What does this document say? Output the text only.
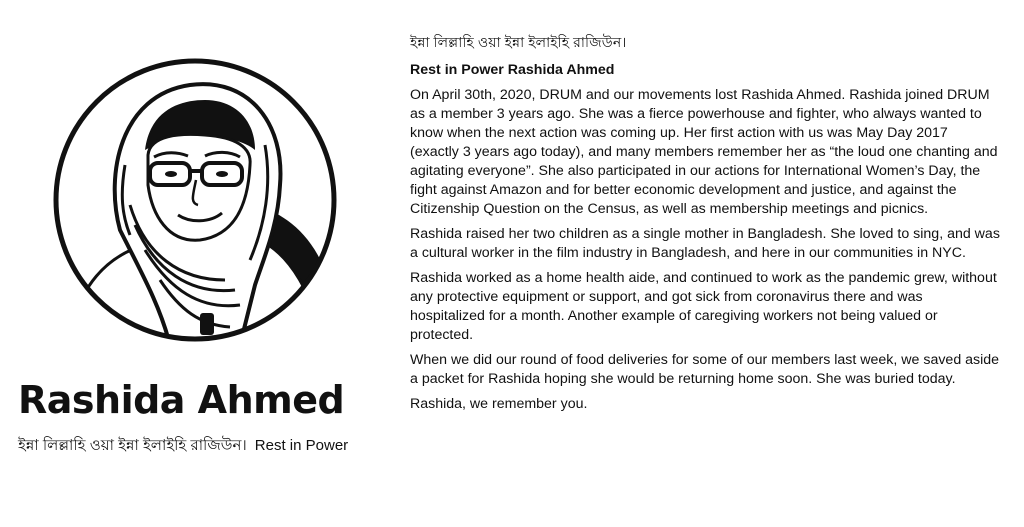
Rashida Ahmed
ইন্না লিল্লাহি ওয়া ইন্না ইলাইহি রাজিউন। Rest in Power

ইন্না লিল্লাহি ওয়া ইন্না ইলাইহি রাজিউন।

Rest in Power Rashida Ahmed

On April 30th, 2020, DRUM and our movements lost Rashida Ahmed. Rashida joined DRUM as a member 3 years ago. She was a fierce powerhouse and fighter, who always wanted to know when the next action was coming up. Her first action with us was May Day 2017 (exactly 3 years ago today), and many members remember her as “the loud one chanting and agitating everyone”. She also participated in our actions for International Women’s Day, the fight against Amazon and for better economic development and justice, and against the Citizenship Question on the Census, as well as membership meetings and picnics.

Rashida raised her two children as a single mother in Bangladesh. She loved to sing, and was a cultural worker in the film industry in Bangladesh, and here in our communities in NYC.

Rashida worked as a home health aide, and continued to work as the pandemic grew, without any protective equipment or support, and got sick from coronavirus there and was hospitalized for a month. Another example of caregiving workers not being valued or protected.

When we did our round of food deliveries for some of our members last week, we saved aside a packet for Rashida hoping she would be returning home soon. She was buried today.

Rashida, we remember you.
